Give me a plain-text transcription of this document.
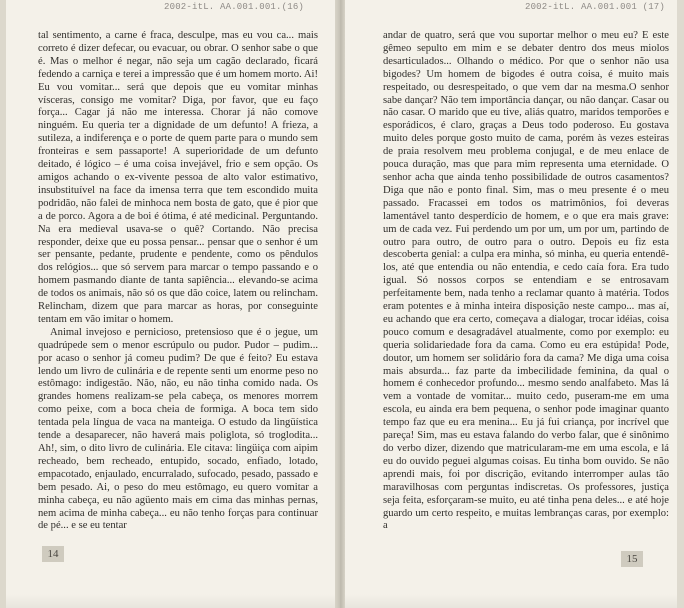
2002-itL. AA.001.001.(16)

tal sentimento, a carne é fraca, desculpe, mas eu vou ca... mais correto é dizer defecar, ou evacuar, ou obrar. O senhor sabe o que é. Mas o melhor é negar, não seja um cagão declarado, ficará fedendo a carniça e terei a impressão que é um homem morto. Ai! Eu vou vomitar... será que depois que eu vomitar minhas vísceras, consigo me vomitar? Diga, por favor, que eu faço força... Cagar já não me interessa. Chorar já não comove ninguém. Eu queria ter a dignidade de um defunto! A frieza, a sutileza, a indiferença e o porte de quem parte para o mundo sem fronteiras e sem passaporte! A superioridade de um defunto deitado, é lógico – é uma coisa invejável, frio e sem opção. Os amigos achando o ex-vivente pessoa de alto valor estimativo, insubstituível na face da imensa terra que tem escondido muita podridão, não falei de minhoca nem bosta de gato, que é pior que a de porco. Agora a de boi é ótima, é até medicinal. Perguntando. Na era medieval usava-se o quê? Cortando. Não precisa responder, deixe que eu possa pensar... pensar que o senhor é um ser pensante, pedante, prudente e pendente, como os pêndulos dos relógios... que só servem para marcar o tempo passando e o homem pasmando diante de tanta sapiência... elevando-se acima de todos os animais, não só os que dão coice, latem ou relincham. Relincham, dizem que para marcar as horas, por conseguinte tentam em vão imitar o homem.

Animal invejoso e pernicioso, pretensioso que é o jegue, um quadrúpede sem o menor escrúpulo ou pudor. Pudor – pudim... por acaso o senhor já comeu pudim? De que é feito? Eu estava lendo um livro de culinária e de repente senti um enorme peso no estômago: indigestão. Não, não, eu não tinha comido nada. Os grandes homens realizam-se pela cabeça, os menores morrem como peixe, com a boca cheia de formiga. A boca tem sido tentada pela língua de vaca na manteiga. O estudo da lingüística tende a desaparecer, não haverá mais poliglota, só troglodita... Ah!, sim, o dito livro de culinária. Ele citava: lingüiça com aipim recheado, bem recheado, entupido, socado, enfiado, lotado, empacotado, enjaulado, encurralado, sufocado, pesado, passado e bem pesado. Ai, o peso do meu estômago, eu quero vomitar a minha cabeça, eu não agüento mais em cima das minhas pernas, nem acima de minha cabeça... eu não tenho forças para continuar de pé... e se eu tentar

14
2002-itL. AA.001.001 (17)

andar de quatro, será que vou suportar melhor o meu eu? E este gêmeo sepulto em mim e se debater dentro dos meus miolos desarticulados... Olhando o médico. Por que o senhor não usa bigodes? Um homem de bigodes é outra coisa, é muito mais respeitado, ou desrespeitado, o que vem dar na mesma.O senhor sabe dançar? Não tem importância dançar, ou não dançar. Casar ou não casar. O marido que eu tive, aliás quatro, maridos temporões e esporádicos, é claro, graças a Deus todo poderoso. Eu gostava muito deles porque gosto muito de cama, porém às vezes esteiras de praia resolvem meu problema conjugal, e de meu enlace de pouca duração, mas que para mim representa uma eternidade. O senhor acha que ainda tenho possibilidade de outros casamentos? Diga que não e ponto final. Sim, mas o meu presente é o meu passado. Fracassei em todos os matrimônios, foi deveras lamentável tanto desperdício de homem, e o que era mais grave: um de cada vez. Fui perdendo um por um, um por um, partindo de outro para outro, de outro para o outro. Depois eu fiz esta descoberta genial: a culpa era minha, só minha, eu queria entendê-los, até que entendia ou não entendia, e cedo caía fora. Era tudo igual. Só nossos corpos se entendiam e se entrosavam perfeitamente bem, nada tenho a reclamar quanto à matéria. Todos eram potentes e à minha inteira disposição neste campo... mas aí, eu achando que era certo, começava a dialogar, trocar idéias, coisa pouco comum e desagradável atualmente, como por exemplo: eu queria solidariedade fora da cama. Como eu era estúpida! Pode, doutor, um homem ser solidário fora da cama? Me diga uma coisa mais absurda... faz parte da imbecilidade feminina, da qual o homem é conhecedor profundo... mesmo sendo analfabeto. Mas lá vem a vontade de vomitar... muito cedo, puseram-me em uma escola, eu ainda era bem pequena, o senhor pode imaginar quanto tempo faz que eu era menina... Eu já fui criança, por incrível que pareça! Sim, mas eu estava falando do verbo falar, que é sinônimo do verbo dizer, dizendo que matricularam-me em uma escola, e lá eu do ouvido peguei algumas coisas. Eu tinha bom ouvido. Se não aprendi mais, foi por discrição, evitando interromper aulas tão maravilhosas com perguntas indiscretas. Os professores, justiça seja feita, esforçaram-se muito, eu até tinha pena deles... e até hoje guardo um certo respeito, e muitas lembranças caras, por exemplo: a

15
